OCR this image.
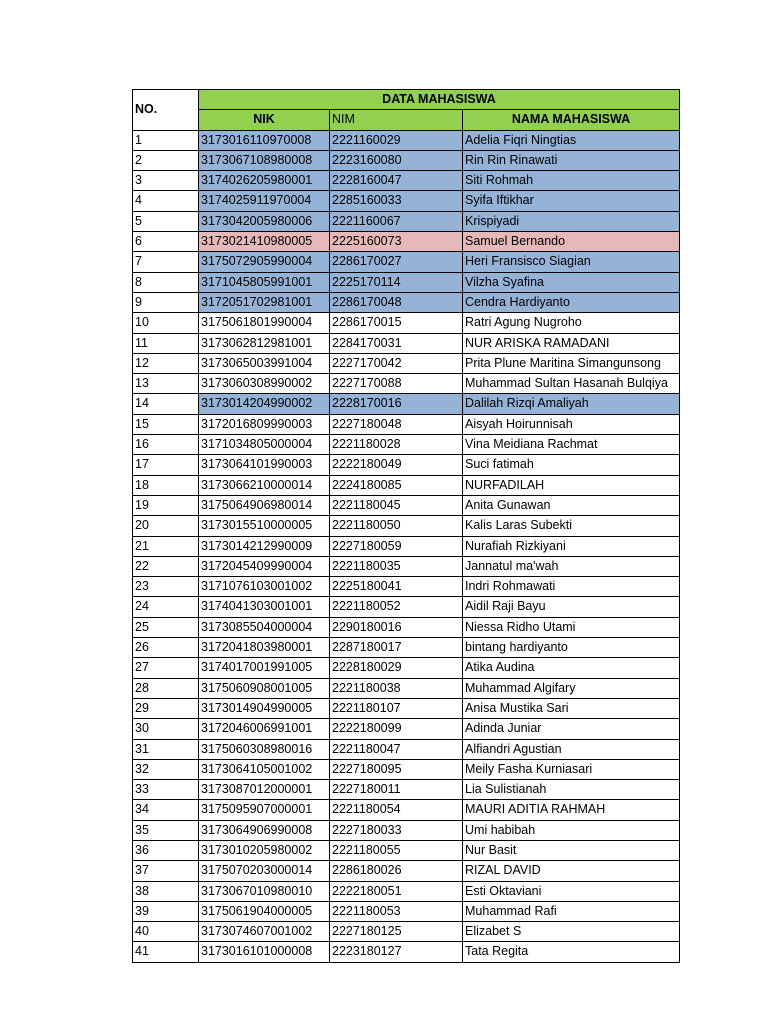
NO.	DATA MAHASISWA		
	NIK	NIM	NAMA MAHASISWA
1	3173016110970008	2221160029	Adelia Fiqri Ningtias
2	3173067108980008	2223160080	Rin Rin Rinawati
3	3174026205980001	2228160047	Siti Rohmah
4	3174025911970004	2285160033	Syifa Iftikhar
5	3173042005980006	2221160067	Krispiyadi
6	3173021410980005	2225160073	Samuel Bernando
7	3175072905990004	2286170027	Heri Fransisco Siagian
8	3171045805991001	2225170114	Vilzha Syafina
9	3172051702981001	2286170048	Cendra Hardiyanto
10	3175061801990004	2286170015	Ratri Agung Nugroho
11	3173062812981001	2284170031	NUR ARISKA RAMADANI
12	3173065003991004	2227170042	Prita Plune Maritina Simangunsong
13	3173060308990002	2227170088	Muhammad Sultan Hasanah Bulqiya
14	3173014204990002	2228170016	Dalilah Rizqi Amaliyah
15	3172016809990003	2227180048	Aisyah Hoirunnisah
16	3171034805000004	2221180028	Vina Meidiana Rachmat
17	3173064101990003	2222180049	Suci fatimah
18	3173066210000014	2224180085	NURFADILAH
19	3175064906980014	2221180045	Anita Gunawan
20	3173015510000005	2221180050	Kalis Laras Subekti
21	3173014212990009	2227180059	Nurafiah Rizkiyani
22	3172045409990004	2221180035	Jannatul ma'wah
23	3171076103001002	2225180041	Indri Rohmawati
24	3174041303001001	2221180052	Aidil Raji Bayu
25	3173085504000004	2290180016	Niessa Ridho Utami
26	3172041803980001	2287180017	bintang hardiyanto
27	3174017001991005	2228180029	Atika Audina
28	3175060908001005	2221180038	Muhammad Algifary
29	3173014904990005	2221180107	Anisa Mustika Sari
30	3172046006991001	2222180099	Adinda Juniar
31	3175060308980016	2221180047	Alfiandri Agustian
32	3173064105001002	2227180095	Meily Fasha Kurniasari
33	3173087012000001	2227180011	Lia Sulistianah
34	3175095907000001	2221180054	MAURI ADITIA RAHMAH
35	3173064906990008	2227180033	Umi habibah
36	3173010205980002	2221180055	Nur Basit
37	3175070203000014	2286180026	RIZAL DAVID
38	3173067010980010	2222180051	Esti Oktaviani
39	3175061904000005	2221180053	Muhammad Rafi
40	3173074607001002	2227180125	Elizabet S
41	3173016101000008	2223180127	Tata Regita
